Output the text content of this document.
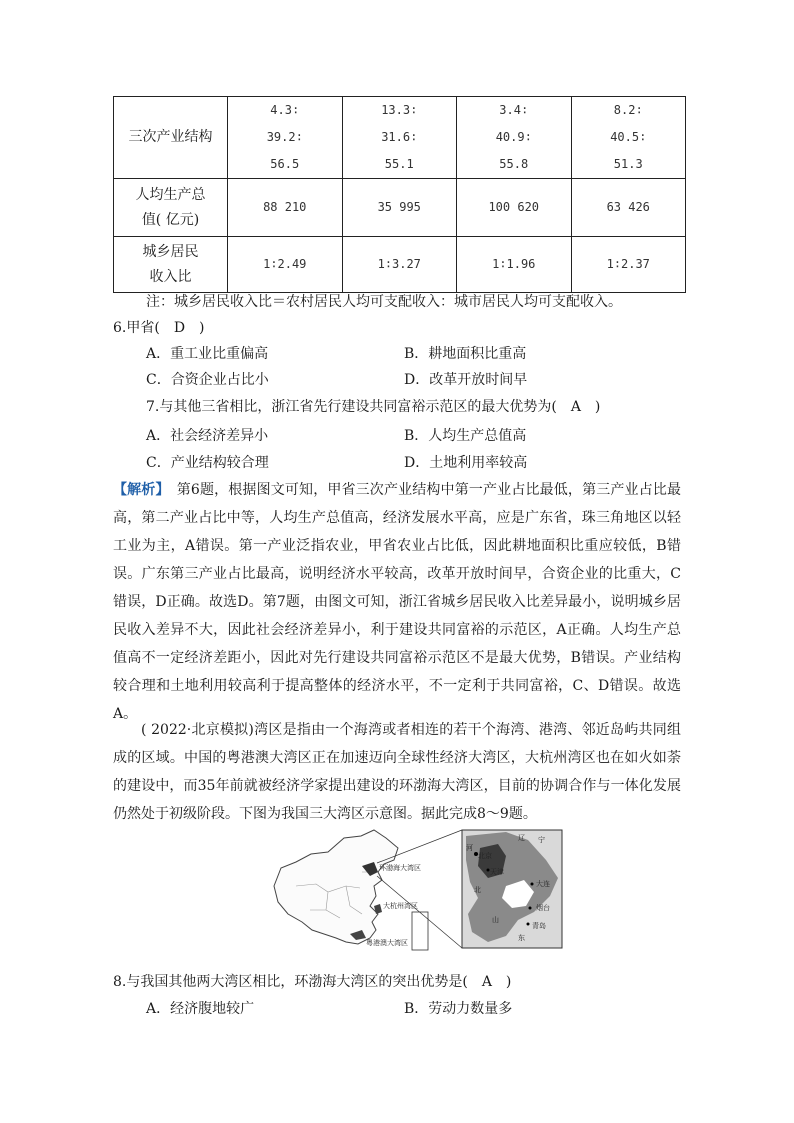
三次产业结构	4.3∶
39.2∶
56.5	13.3∶
31.6∶
55.1	3.4∶
40.9∶
55.8	8.2∶
40.5∶
51.3

人均生产总
值( 亿元)	88 210	35 995	100 620	63 426

城乡居民
收入比	1∶2.49	1∶3.27	1∶1.96	1∶2.37
注：城乡居民收入比＝农村居民人均可支配收入：城市居民人均可支配收入。
6.甲省(　D　)
A．重工业比重偏高	B．耕地面积比重高
C．合资企业占比小	D．改革开放时间早
7.与其他三省相比，浙江省先行建设共同富裕示范区的最大优势为(　A　)
A．社会经济差异小	B．人均生产总值高
C．产业结构较合理	D．土地利用率较高
【解析】　第6题，根据图文可知，甲省三次产业结构中第一产业占比最低，第三产业占比最高，第二产业占比中等，人均生产总值高，经济发展水平高，应是广东省，珠三角地区以轻工业为主，A错误。第一产业泛指农业，甲省农业占比低，因此耕地面积比重应较低，B错误。广东第三产业占比最高，说明经济水平较高，改革开放时间早，合资企业的比重大，C错误，D正确。故选D。第7题，由图文可知，浙江省城乡居民收入比差异最小，说明城乡居民收入差异不大，因此社会经济差异小，利于建设共同富裕的示范区，A正确。人均生产总值高不一定经济差距小，因此对先行建设共同富裕示范区不是最大优势，B错误。产业结构较合理和土地利用较高利于提高整体的经济水平，不一定利于共同富裕，C、D错误。故选A。
( 2022·北京模拟)湾区是指由一个海湾或者相连的若干个海湾、港湾、邻近岛屿共同组成的区域。中国的粤港澳大湾区正在加速迈向全球性经济大湾区，大杭州湾区也在如火如荼的建设中，而35年前就被经济学家提出建设的环渤海大湾区，目前的协调合作与一体化发展仍然处于初级阶段。下图为我国三大湾区示意图。据此完成8～9题。
环渤海大湾区
大杭州湾区
粤港澳大湾区
辽 宁
河
北
山
东
北京
天津
大连
青岛
烟台
8.与我国其他两大湾区相比，环渤海大湾区的突出优势是(　A　)
A．经济腹地较广	B．劳动力数量多
